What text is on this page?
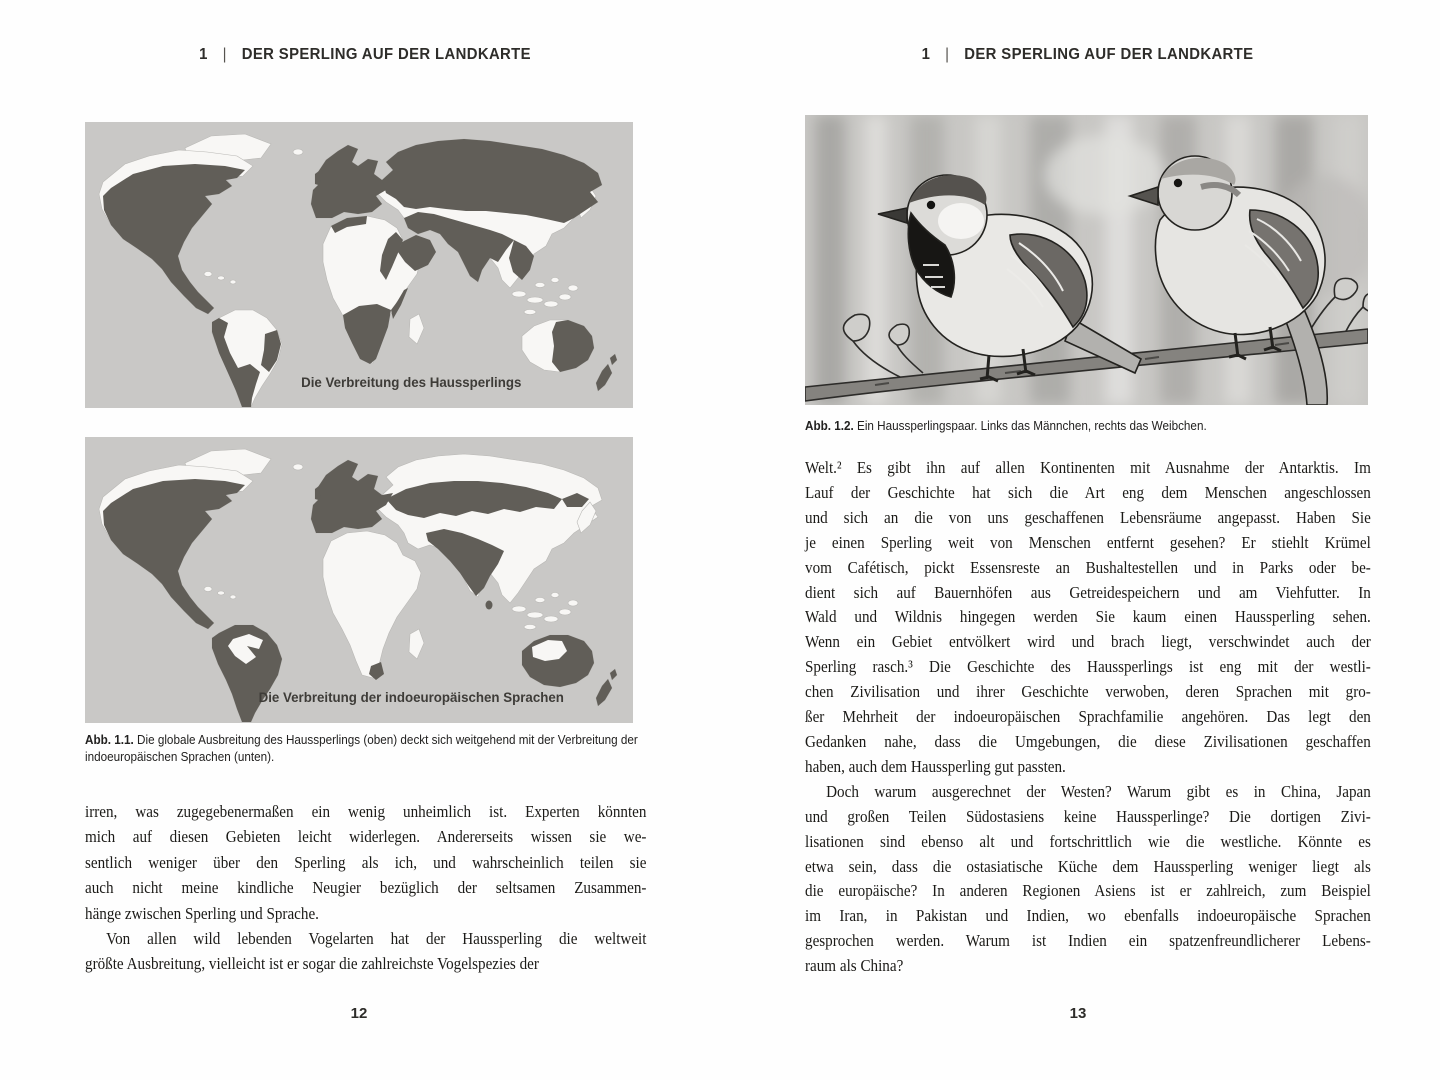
1 | DER SPERLING AUF DER LANDKARTE
Die Verbreitung des Haussperlings
Die Verbreitung der indoeuropäischen Sprachen
Abb. 1.1. Die globale Ausbreitung des Haussperlings (oben) deckt sich weitgehend mit der Verbreitung der indoeuropäischen Sprachen (unten).
irren, was zugegebenermaßen ein wenig unheimlich ist. Experten könnten
mich auf diesen Gebieten leicht widerlegen. Andererseits wissen sie we-
sentlich weniger über den Sperling als ich, und wahrscheinlich teilen sie
auch nicht meine kindliche Neugier bezüglich der seltsamen Zusammen-
hänge zwischen Sperling und Sprache.
Von allen wild lebenden Vogelarten hat der Haussperling die weltweit
größte Ausbreitung, vielleicht ist er sogar die zahlreichste Vogelspezies der
12
1 | DER SPERLING AUF DER LANDKARTE
Abb. 1.2. Ein Haussperlingspaar. Links das Männchen, rechts das Weibchen.
Welt.² Es gibt ihn auf allen Kontinenten mit Ausnahme der Antarktis. Im
Lauf der Geschichte hat sich die Art eng dem Menschen angeschlossen
und sich an die von uns geschaffenen Lebensräume angepasst. Haben Sie
je einen Sperling weit von Menschen entfernt gesehen? Er stiehlt Krümel
vom Cafétisch, pickt Essensreste an Bushaltestellen und in Parks oder be-
dient sich auf Bauernhöfen aus Getreidespeichern und am Viehfutter. In
Wald und Wildnis hingegen werden Sie kaum einen Haussperling sehen.
Wenn ein Gebiet entvölkert wird und brach liegt, verschwindet auch der
Sperling rasch.³ Die Geschichte des Haussperlings ist eng mit der westli-
chen Zivilisation und ihrer Geschichte verwoben, deren Sprachen mit gro-
ßer Mehrheit der indoeuropäischen Sprachfamilie angehören. Das legt den
Gedanken nahe, dass die Umgebungen, die diese Zivilisationen geschaffen
haben, auch dem Haussperling gut passten.
Doch warum ausgerechnet der Westen? Warum gibt es in China, Japan
und großen Teilen Südostasiens keine Haussperlinge? Die dortigen Zivi-
lisationen sind ebenso alt und fortschrittlich wie die westliche. Könnte es
etwa sein, dass die ostasiatische Küche dem Haussperling weniger liegt als
die europäische? In anderen Regionen Asiens ist er zahlreich, zum Beispiel
im Iran, in Pakistan und Indien, wo ebenfalls indoeuropäische Sprachen
gesprochen werden. Warum ist Indien ein spatzenfreundlicherer Lebens-
raum als China?
13
